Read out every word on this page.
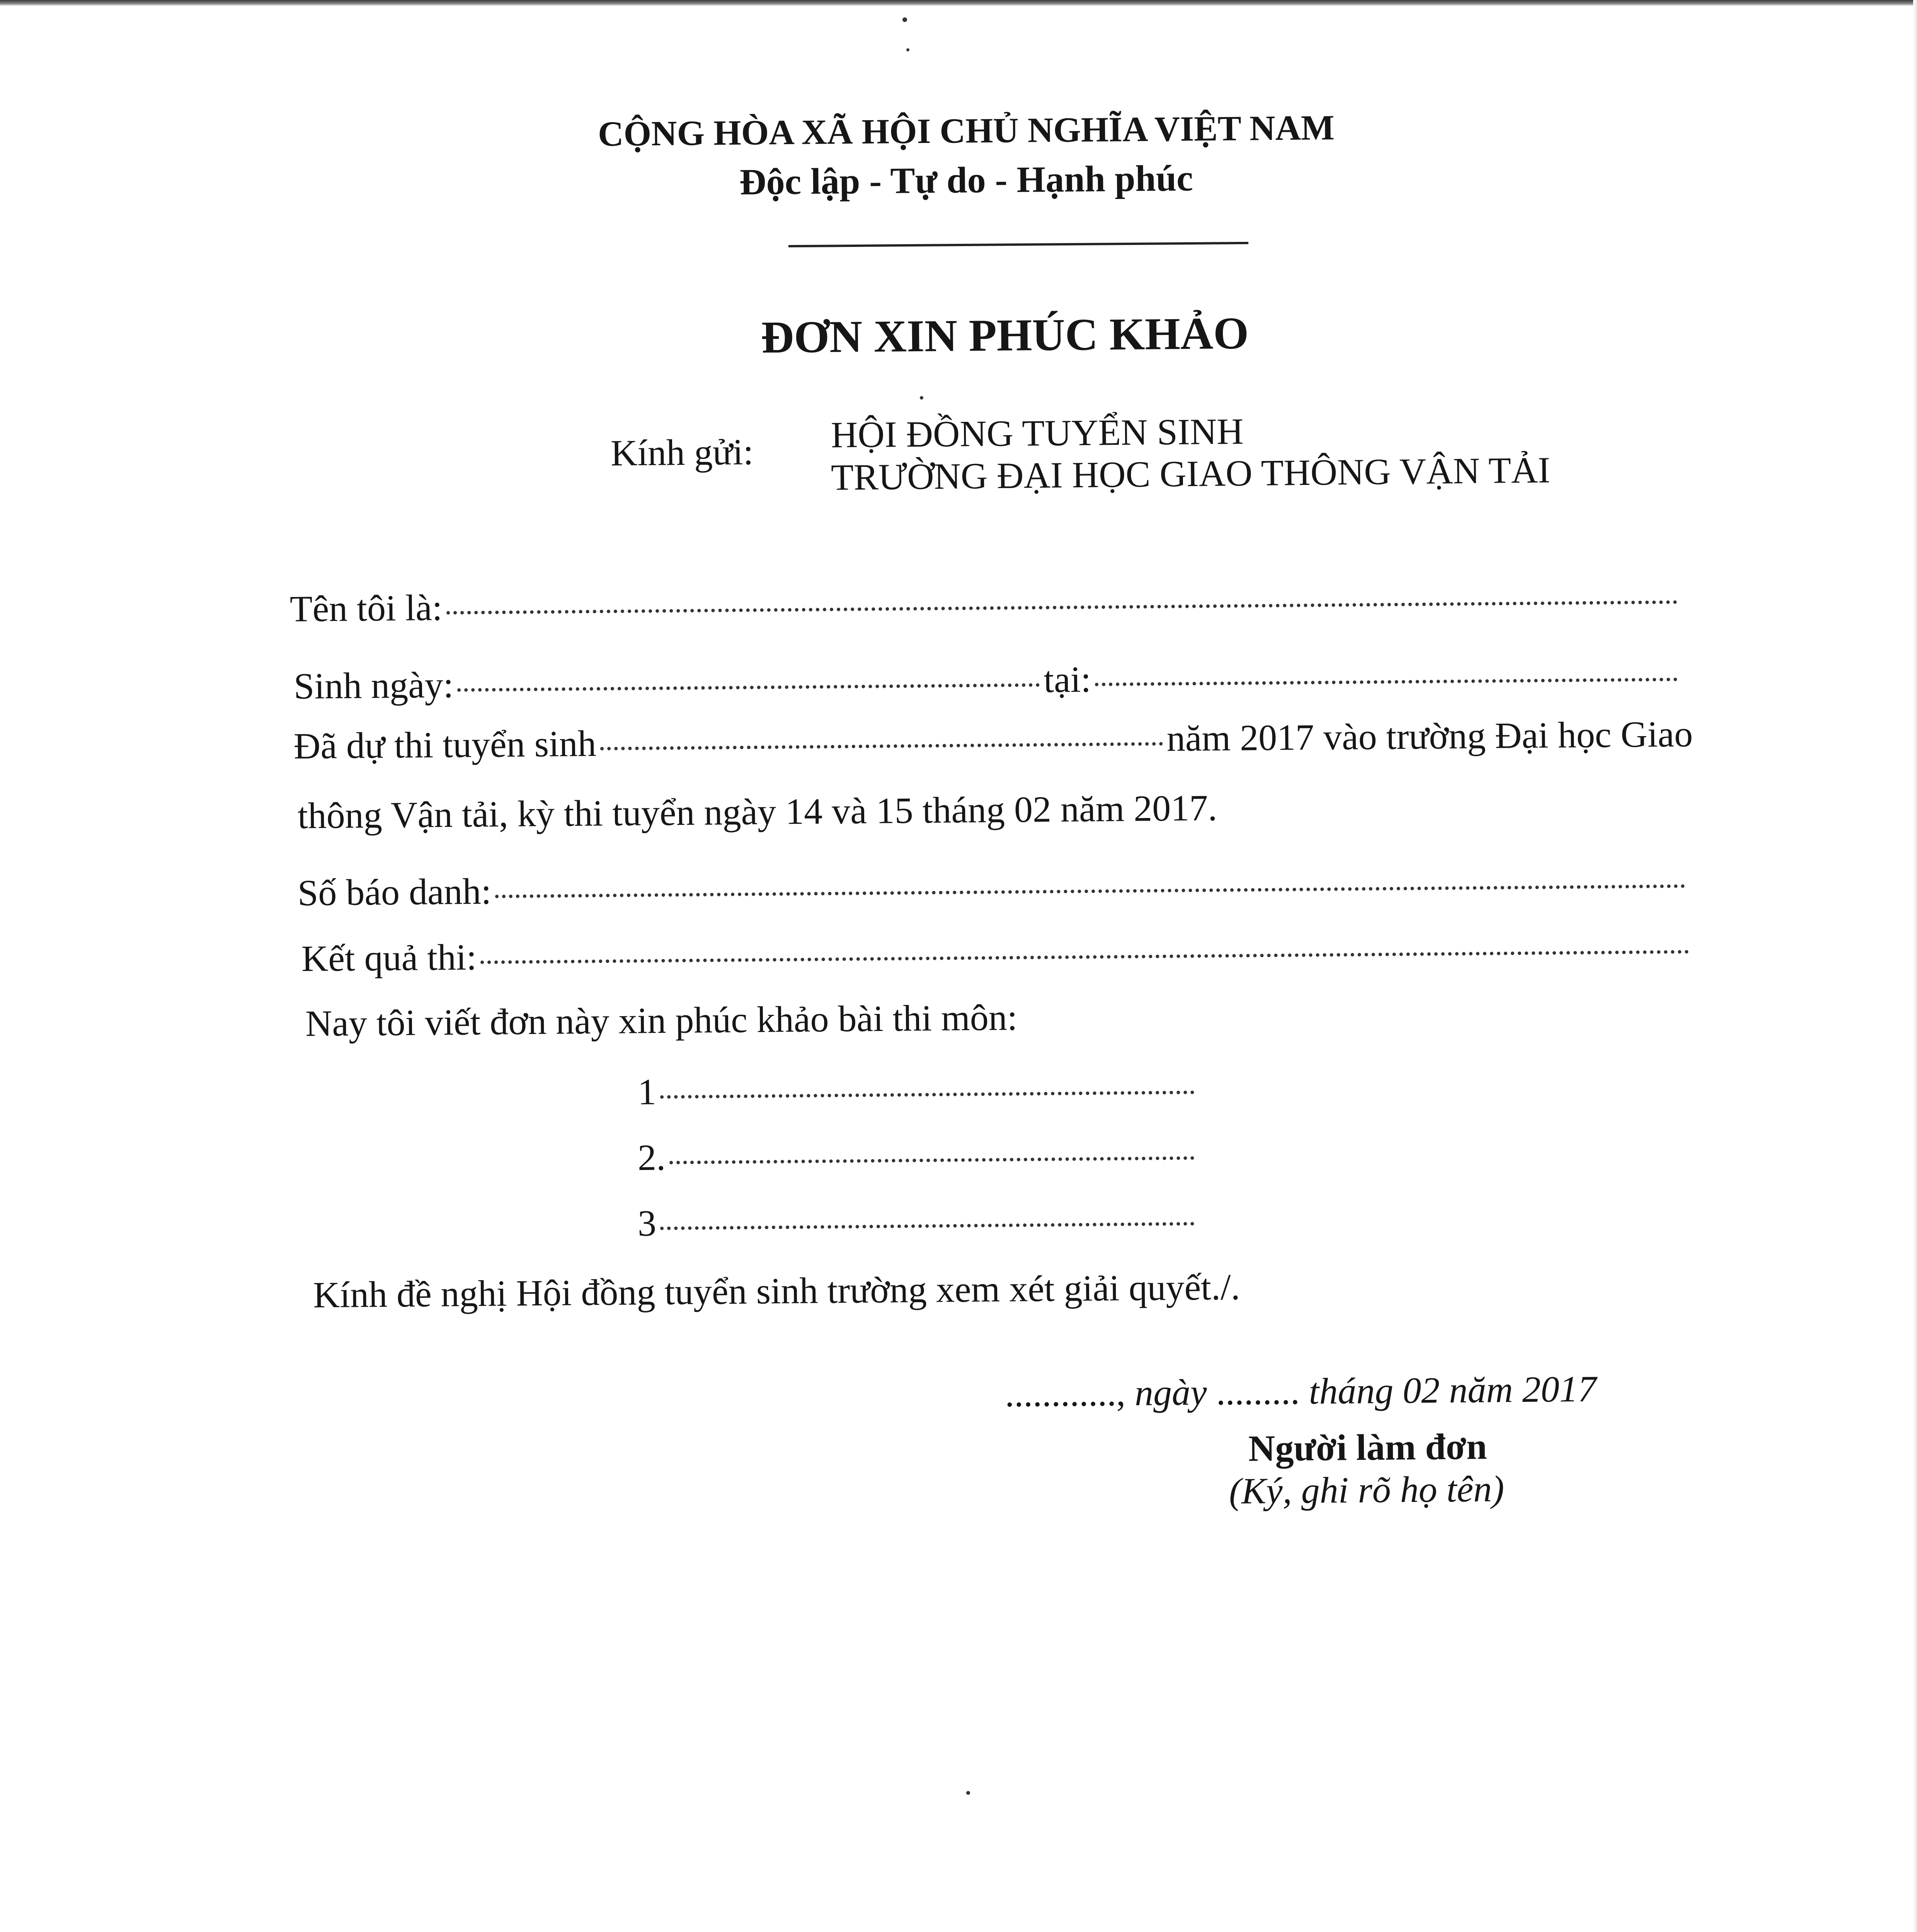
CỘNG HÒA XÃ HỘI CHỦ NGHĨA VIỆT NAM
Độc lập - Tự do - Hạnh phúc
ĐƠN XIN PHÚC KHẢO
Kính gửi: HỘI ĐỒNG TUYỂN SINH
TRƯỜNG ĐẠI HỌC GIAO THÔNG VẬN TẢI
Tên tôi là:
Sinh ngày:	tại:
Đã dự thi tuyển sinh	năm 2017 vào trường Đại học Giao
thông Vận tải, kỳ thi tuyển ngày 14 và 15 tháng 02 năm 2017.
Số báo danh:
Kết quả thi:
Nay tôi viết đơn này xin phúc khảo bài thi môn:
1
2.
3
Kính đề nghị Hội đồng tuyển sinh trường xem xét giải quyết./.
............, ngày ......... tháng 02 năm 2017
Người làm đơn
(Ký, ghi rõ họ tên)
